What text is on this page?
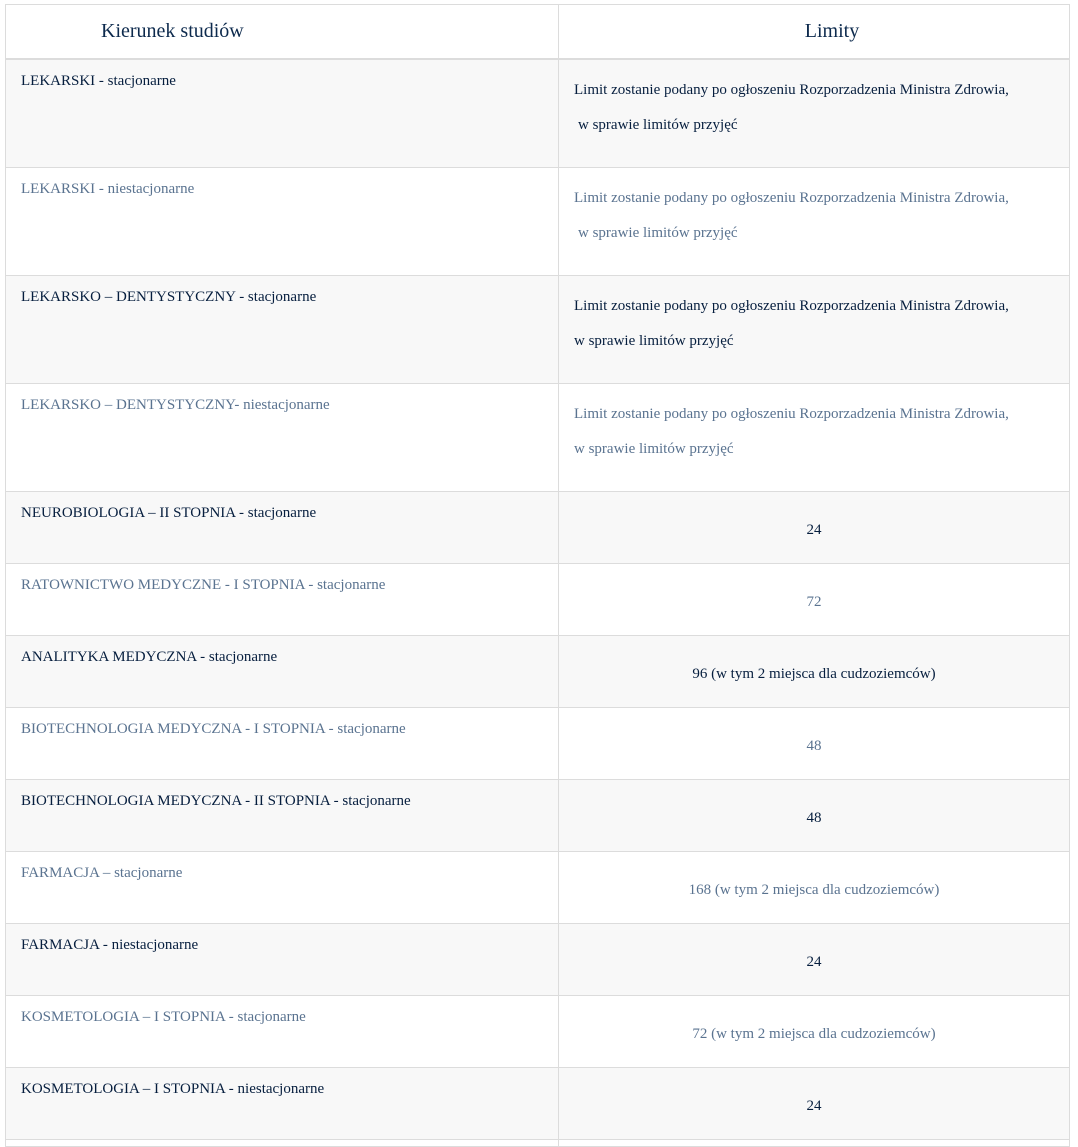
Kierunek studiów	Limity
LEKARSKI - stacjonarne	Limit zostanie podany po ogłoszeniu Rozporzadzenia Ministra Zdrowia,
w sprawie limitów przyjęć

LEKARSKI - niestacjonarne	Limit zostanie podany po ogłoszeniu Rozporzadzenia Ministra Zdrowia,
w sprawie limitów przyjęć

LEKARSKO – DENTYSTYCZNY - stacjonarne	Limit zostanie podany po ogłoszeniu Rozporzadzenia Ministra Zdrowia,
w sprawie limitów przyjęć

LEKARSKO – DENTYSTYCZNY- niestacjonarne	Limit zostanie podany po ogłoszeniu Rozporzadzenia Ministra Zdrowia,
w sprawie limitów przyjęć

NEUROBIOLOGIA – II STOPNIA - stacjonarne	24
RATOWNICTWO MEDYCZNE - I STOPNIA - stacjonarne	72
ANALITYKA MEDYCZNA - stacjonarne	96 (w tym 2 miejsca dla cudzoziemców)
BIOTECHNOLOGIA MEDYCZNA - I STOPNIA - stacjonarne	48
BIOTECHNOLOGIA MEDYCZNA - II STOPNIA - stacjonarne	48
FARMACJA – stacjonarne	168 (w tym 2 miejsca dla cudzoziemców)
FARMACJA - niestacjonarne	24
KOSMETOLOGIA – I STOPNIA - stacjonarne	72 (w tym 2 miejsca dla cudzoziemców)
KOSMETOLOGIA – I STOPNIA - niestacjonarne	24
